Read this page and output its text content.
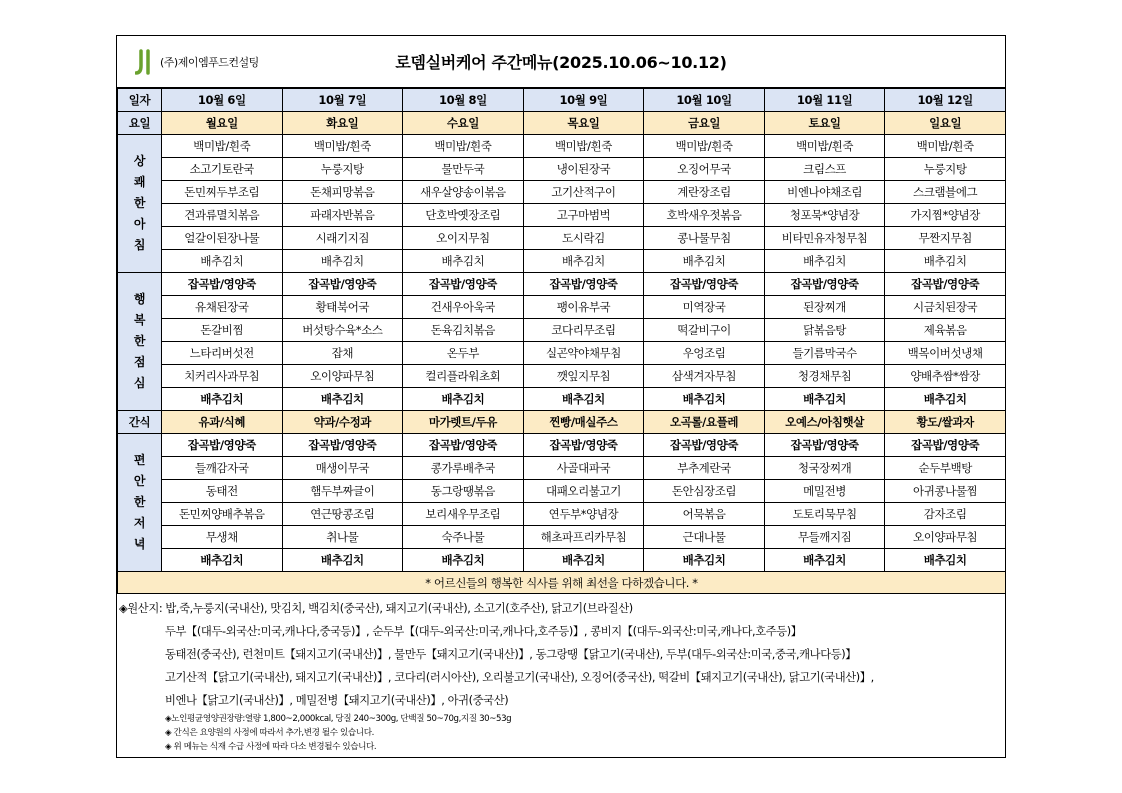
(주)제이엠푸드컨설팅	로뎀실버케어 주간메뉴(2025.10.06~10.12)
일자	10월 6일	10월 7일	10월 8일	10월 9일	10월 10일	10월 11일	10월 12일
요일	월요일	화요일	수요일	목요일	금요일	토요일	일요일
상
쾌
한
아
침	백미밥/흰죽	백미밥/흰죽	백미밥/흰죽	백미밥/흰죽	백미밥/흰죽	백미밥/흰죽	백미밥/흰죽
	소고기토란국	누룽지탕	물만두국	냉이된장국	오징어무국	크림스프	누룽지탕
	돈민찌두부조림	돈채피망볶음	새우살양송이볶음	고기산적구이	계란장조림	비엔나야채조림	스크램블에그
	견과류멸치볶음	파래자반볶음	단호박옛장조림	고구마범벅	호박새우젓볶음	청포묵*양념장	가지찜*양념장
	얼갈이된장나물	시래기지짐	오이지무침	도시락김	콩나물무침	비타민유자청무침	무짠지무침
	배추김치	배추김치	배추김치	배추김치	배추김치	배추김치	배추김치
행
복
한
점
심	잡곡밥/영양죽	잡곡밥/영양죽	잡곡밥/영양죽	잡곡밥/영양죽	잡곡밥/영양죽	잡곡밥/영양죽	잡곡밥/영양죽
	유채된장국	황태북어국	건새우아욱국	팽이유부국	미역장국	된장찌개	시금치된장국
	돈갈비찜	버섯탕수육*소스	돈육김치볶음	코다리무조림	떡갈비구이	닭볶음탕	제육볶음
	느타리버섯전	잡채	온두부	실곤약야채무침	우엉조림	들기름막국수	백목이버섯냉채
	치커리사과무침	오이양파무침	컬리플라워초회	깻잎지무침	삼색겨자무침	청경채무침	양배추쌈*쌈장
	배추김치	배추김치	배추김치	배추김치	배추김치	배추김치	배추김치
간식	유과/식혜	약과/수정과	마가렛트/두유	찐빵/매실주스	오곡롤/요플레	오예스/아침햇살	황도/쌀과자
편
안
한
저
녁	잡곡밥/영양죽	잡곡밥/영양죽	잡곡밥/영양죽	잡곡밥/영양죽	잡곡밥/영양죽	잡곡밥/영양죽	잡곡밥/영양죽
	들깨감자국	매생이무국	콩가루배추국	사골대파국	부추계란국	청국장찌개	순두부백탕
	동태전	햄두부짜글이	동그랑땡볶음	대패오리불고기	돈안심장조림	메밀전병	아귀콩나물찜
	돈민찌양배추볶음	연근땅콩조림	보리새우무조림	연두부*양념장	어묵볶음	도토리묵무침	감자조림
	무생채	취나물	숙주나물	해초파프리카무침	근대나물	무들깨지짐	오이양파무침
	배추김치	배추김치	배추김치	배추김치	배추김치	배추김치	배추김치
* 어르신들의 행복한 식사를 위해 최선을 다하겠습니다. *							
◈원산지: 밥,죽,누룽지(국내산), 맛김치, 백김치(중국산), 돼지고기(국내산), 소고기(호주산), 닭고기(브라질산)
두부【(대두-외국산:미국,캐나다,중국등)】, 순두부【(대두-외국산:미국,캐나다,호주등)】, 콩비지【(대두-외국산:미국,캐나다,호주등)】
동태전(중국산), 런천미트【돼지고기(국내산)】, 물만두【돼지고기(국내산)】, 동그랑땡【닭고기(국내산), 두부(대두-외국산:미국,중국,캐나다등)】
고기산적【닭고기(국내산), 돼지고기(국내산)】, 코다리(러시아산), 오리불고기(국내산), 오징어(중국산), 떡갈비【돼지고기(국내산), 닭고기(국내산)】,
비엔나【닭고기(국내산)】, 메밀전병【돼지고기(국내산)】, 아귀(중국산)
◈노인평균영양권장량:열량 1,800~2,000kcal, 당질 240~300g, 단백질 50~70g,지질 30~53g
◈ 간식은 요양원의 사정에 따라서 추가,변경 될수 있습니다.
◈ 위 메뉴는 식재 수급 사정에 따라 다소 변경될수 있습니다.
